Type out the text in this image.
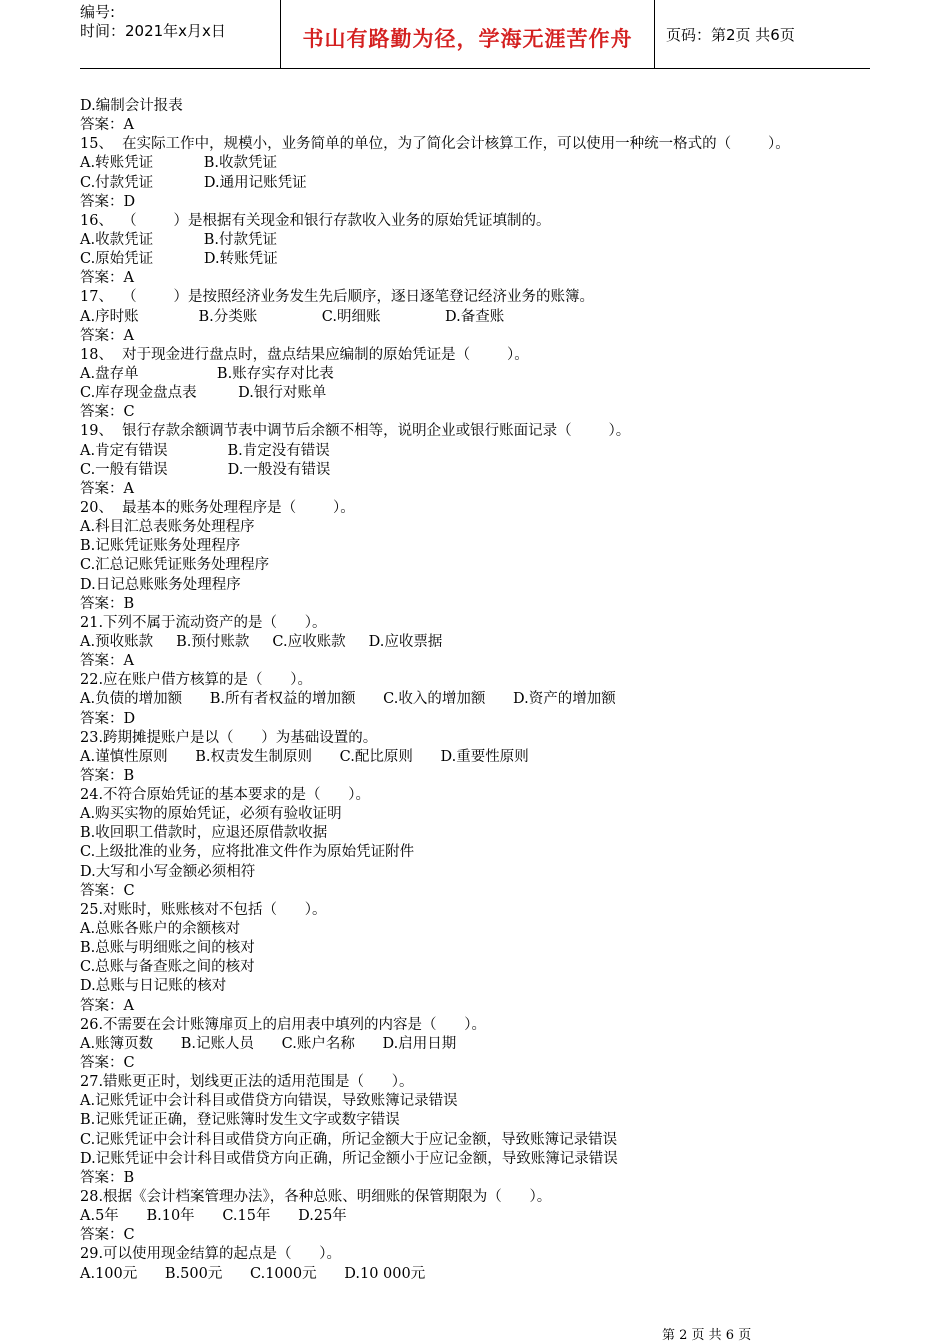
编号:
时间：2021年x月x日	书山有路勤为径，学海无涯苦作舟	页码：第2页 共6页
D.编制会计报表
答案：A
15、  在实际工作中，规模小，业务简单的单位，为了简化会计核算工作，可以使用一种统一格式的（        ）。
A.转账凭证           B.收款凭证
C.付款凭证           D.通用记账凭证
答案：D
16、  （        ）是根据有关现金和银行存款收入业务的原始凭证填制的。
A.收款凭证           B.付款凭证
C.原始凭证           D.转账凭证
答案：A
17、  （        ）是按照经济业务发生先后顺序，逐日逐笔登记经济业务的账簿。
A.序时账             B.分类账              C.明细账              D.备查账
答案：A
18、  对于现金进行盘点时，盘点结果应编制的原始凭证是（        ）。
A.盘存单                 B.账存实存对比表
C.库存现金盘点表         D.银行对账单
答案：C
19、  银行存款余额调节表中调节后余额不相等，说明企业或银行账面记录（        ）。
A.肯定有错误             B.肯定没有错误
C.一般有错误             D.一般没有错误
答案：A
20、  最基本的账务处理程序是（        ）。
A.科目汇总表账务处理程序
B.记账凭证账务处理程序
C.汇总记账凭证账务处理程序
D.日记总账账务处理程序
答案：B
21.下列不属于流动资产的是（      ）。
A.预收账款     B.预付账款     C.应收账款     D.应收票据
答案：A
22.应在账户借方核算的是（      ）。
A.负债的增加额      B.所有者权益的增加额      C.收入的增加额      D.资产的增加额
答案：D
23.跨期摊提账户是以（      ）为基础设置的。
A.谨慎性原则      B.权责发生制原则      C.配比原则      D.重要性原则
答案：B
24.不符合原始凭证的基本要求的是（      ）。
A.购买实物的原始凭证，必须有验收证明
B.收回职工借款时，应退还原借款收据
C.上级批准的业务，应将批准文件作为原始凭证附件
D.大写和小写金额必须相符
答案：C
25.对账时，账账核对不包括（      ）。
A.总账各账户的余额核对
B.总账与明细账之间的核对
C.总账与备查账之间的核对
D.总账与日记账的核对
答案：A
26.不需要在会计账簿扉页上的启用表中填列的内容是（      ）。
A.账簿页数      B.记账人员      C.账户名称      D.启用日期
答案：C
27.错账更正时，划线更正法的适用范围是（      ）。
A.记账凭证中会计科目或借贷方向错误，导致账簿记录错误
B.记账凭证正确，登记账簿时发生文字或数字错误
C.记账凭证中会计科目或借贷方向正确，所记金额大于应记金额，导致账簿记录错误
D.记账凭证中会计科目或借贷方向正确，所记金额小于应记金额，导致账簿记录错误
答案：B
28.根据《会计档案管理办法》，各种总账、明细账的保管期限为（      ）。
A.5年      B.10年      C.15年      D.25年
答案：C
29.可以使用现金结算的起点是（      ）。
A.100元      B.500元      C.1000元      D.10 000元
第 2 页 共 6 页
